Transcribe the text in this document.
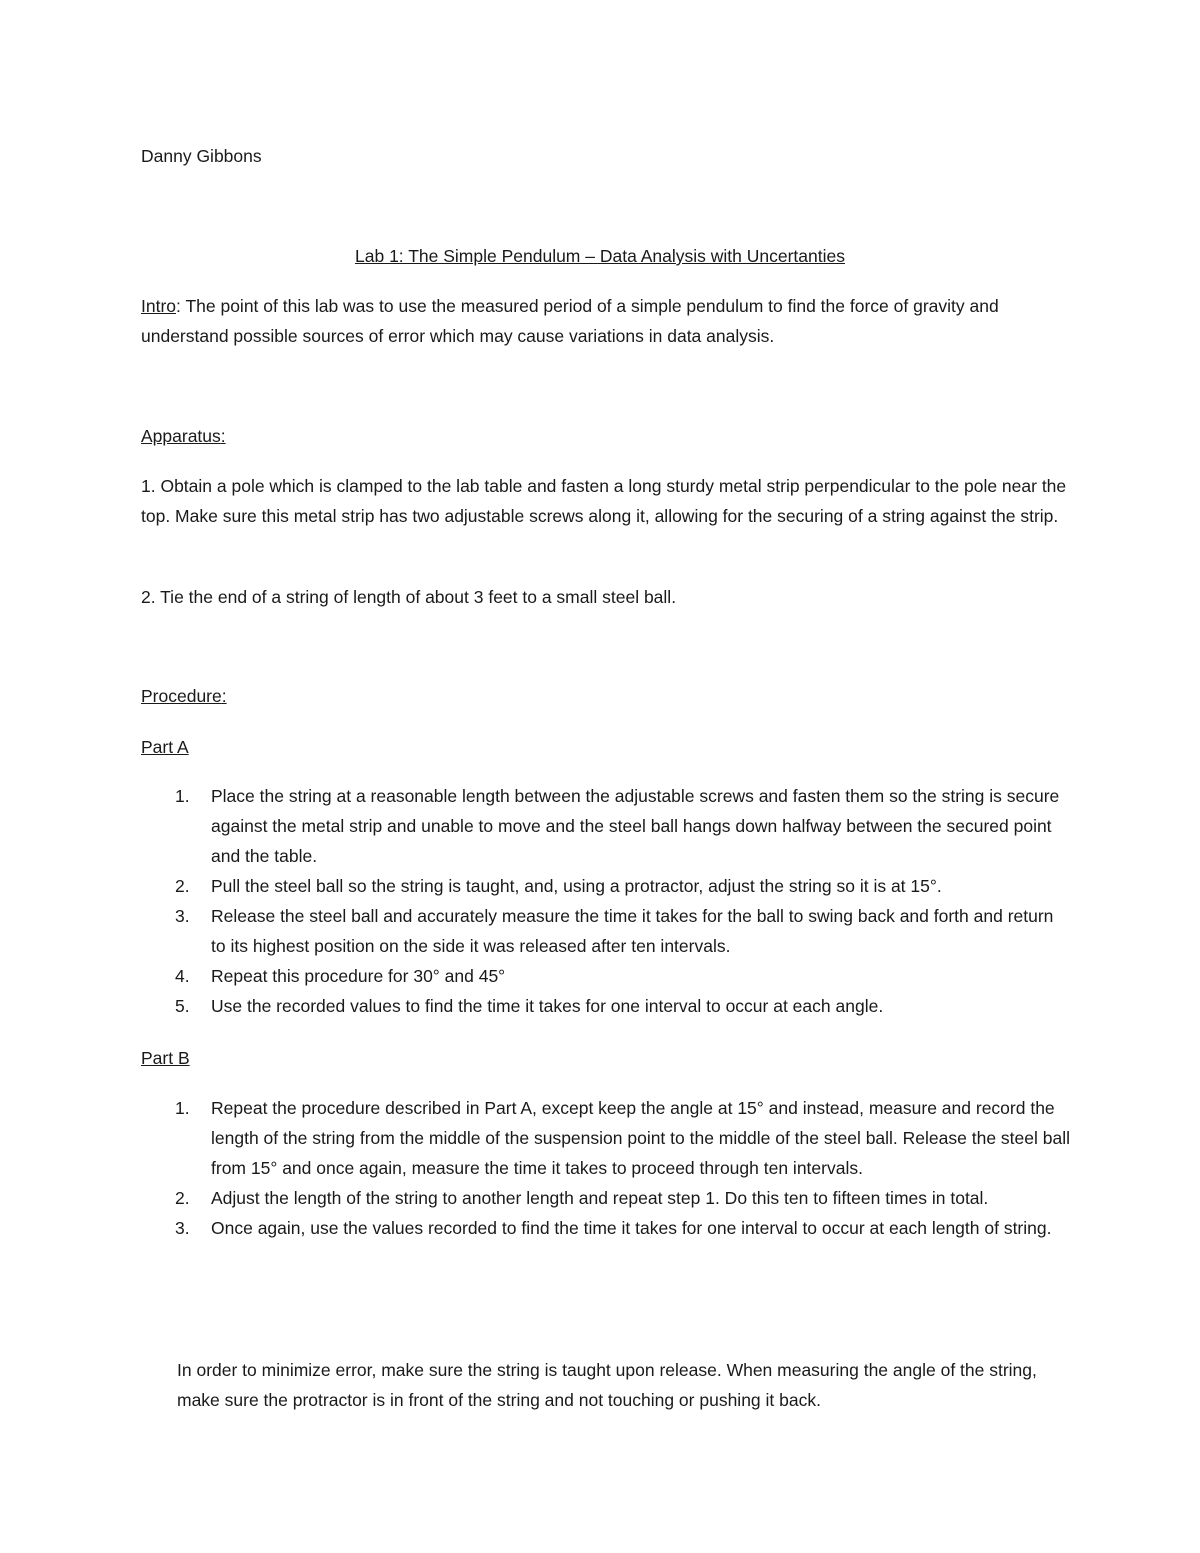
Danny Gibbons

Lab 1: The Simple Pendulum – Data Analysis with Uncertanties

Intro: The point of this lab was to use the measured period of a simple pendulum to find the force of gravity and understand possible sources of error which may cause variations in data analysis.

Apparatus:

1. Obtain a pole which is clamped to the lab table and fasten a long sturdy metal strip perpendicular to the pole near the top. Make sure this metal strip has two adjustable screws along it, allowing for the securing of a string against the strip.

2. Tie the end of a string of length of about 3 feet to a small steel ball.

Procedure:

Part A

1. Place the string at a reasonable length between the adjustable screws and fasten them so the string is secure against the metal strip and unable to move and the steel ball hangs down halfway between the secured point and the table.
2. Pull the steel ball so the string is taught, and, using a protractor, adjust the string so it is at 15°.
3. Release the steel ball and accurately measure the time it takes for the ball to swing back and forth and return to its highest position on the side it was released after ten intervals.
4. Repeat this procedure for 30° and 45°
5. Use the recorded values to find the time it takes for one interval to occur at each angle.

Part B

1. Repeat the procedure described in Part A, except keep the angle at 15° and instead, measure and record the length of the string from the middle of the suspension point to the middle of the steel ball. Release the steel ball from 15° and once again, measure the time it takes to proceed through ten intervals.
2. Adjust the length of the string to another length and repeat step 1. Do this ten to fifteen times in total.
3. Once again, use the values recorded to find the time it takes for one interval to occur at each length of string.

In order to minimize error, make sure the string is taught upon release. When measuring the angle of the string, make sure the protractor is in front of the string and not touching or pushing it back.
